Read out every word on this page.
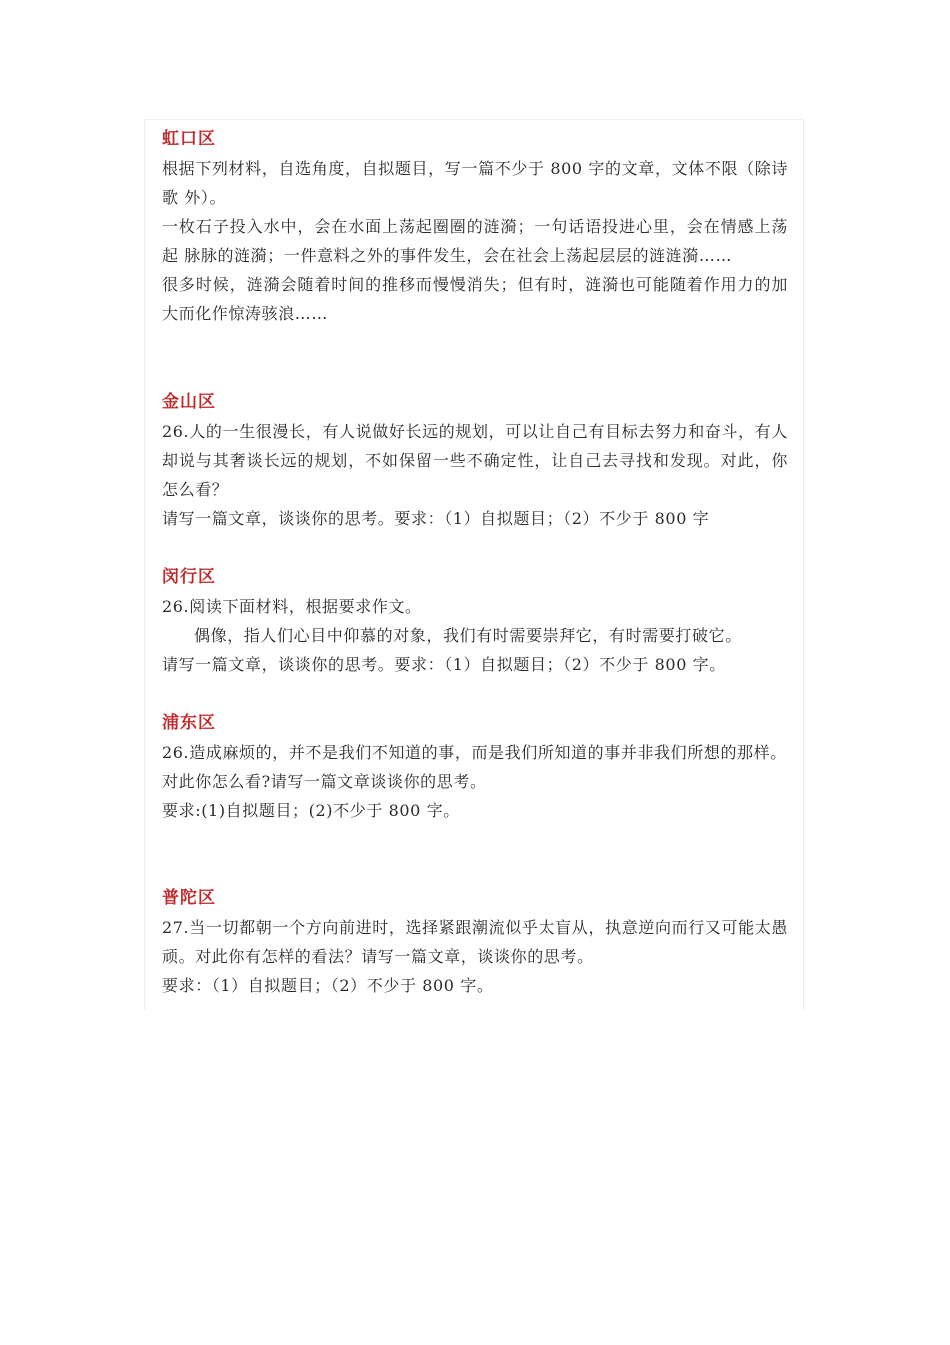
虹口区

根据下列材料，自选角度，自拟题目，写一篇不少于 800 字的文章，文体不限（除诗歌 外）。

一枚石子投入水中，会在水面上荡起圈圈的涟漪；一句话语投进心里，会在情感上荡起 脉脉的涟漪；一件意料之外的事件发生，会在社会上荡起层层的涟涟漪……

很多时候，涟漪会随着时间的推移而慢慢消失；但有时，涟漪也可能随着作用力的加大而化作惊涛骇浪……

金山区

26.人的一生很漫长，有人说做好长远的规划，可以让自己有目标去努力和奋斗，有人却说与其奢谈长远的规划，不如保留一些不确定性，让自己去寻找和发现。对此，你怎么看？

请写一篇文章，谈谈你的思考。要求：（1）自拟题目；（2）不少于 800 字

闵行区

26.阅读下面材料，根据要求作文。

偶像，指人们心目中仰慕的对象，我们有时需要崇拜它，有时需要打破它。

请写一篇文章，谈谈你的思考。要求：（1）自拟题目；（2）不少于 800 字。

浦东区

26.造成麻烦的，并不是我们不知道的事，而是我们所知道的事并非我们所想的那样。

对此你怎么看?请写一篇文章谈谈你的思考。

要求:(1)自拟题目；(2)不少于 800 字。

普陀区

27.当一切都朝一个方向前进时，选择紧跟潮流似乎太盲从，执意逆向而行又可能太愚顽。对此你有怎样的看法？请写一篇文章，谈谈你的思考。

要求：（1）自拟题目；（2）不少于 800 字。
